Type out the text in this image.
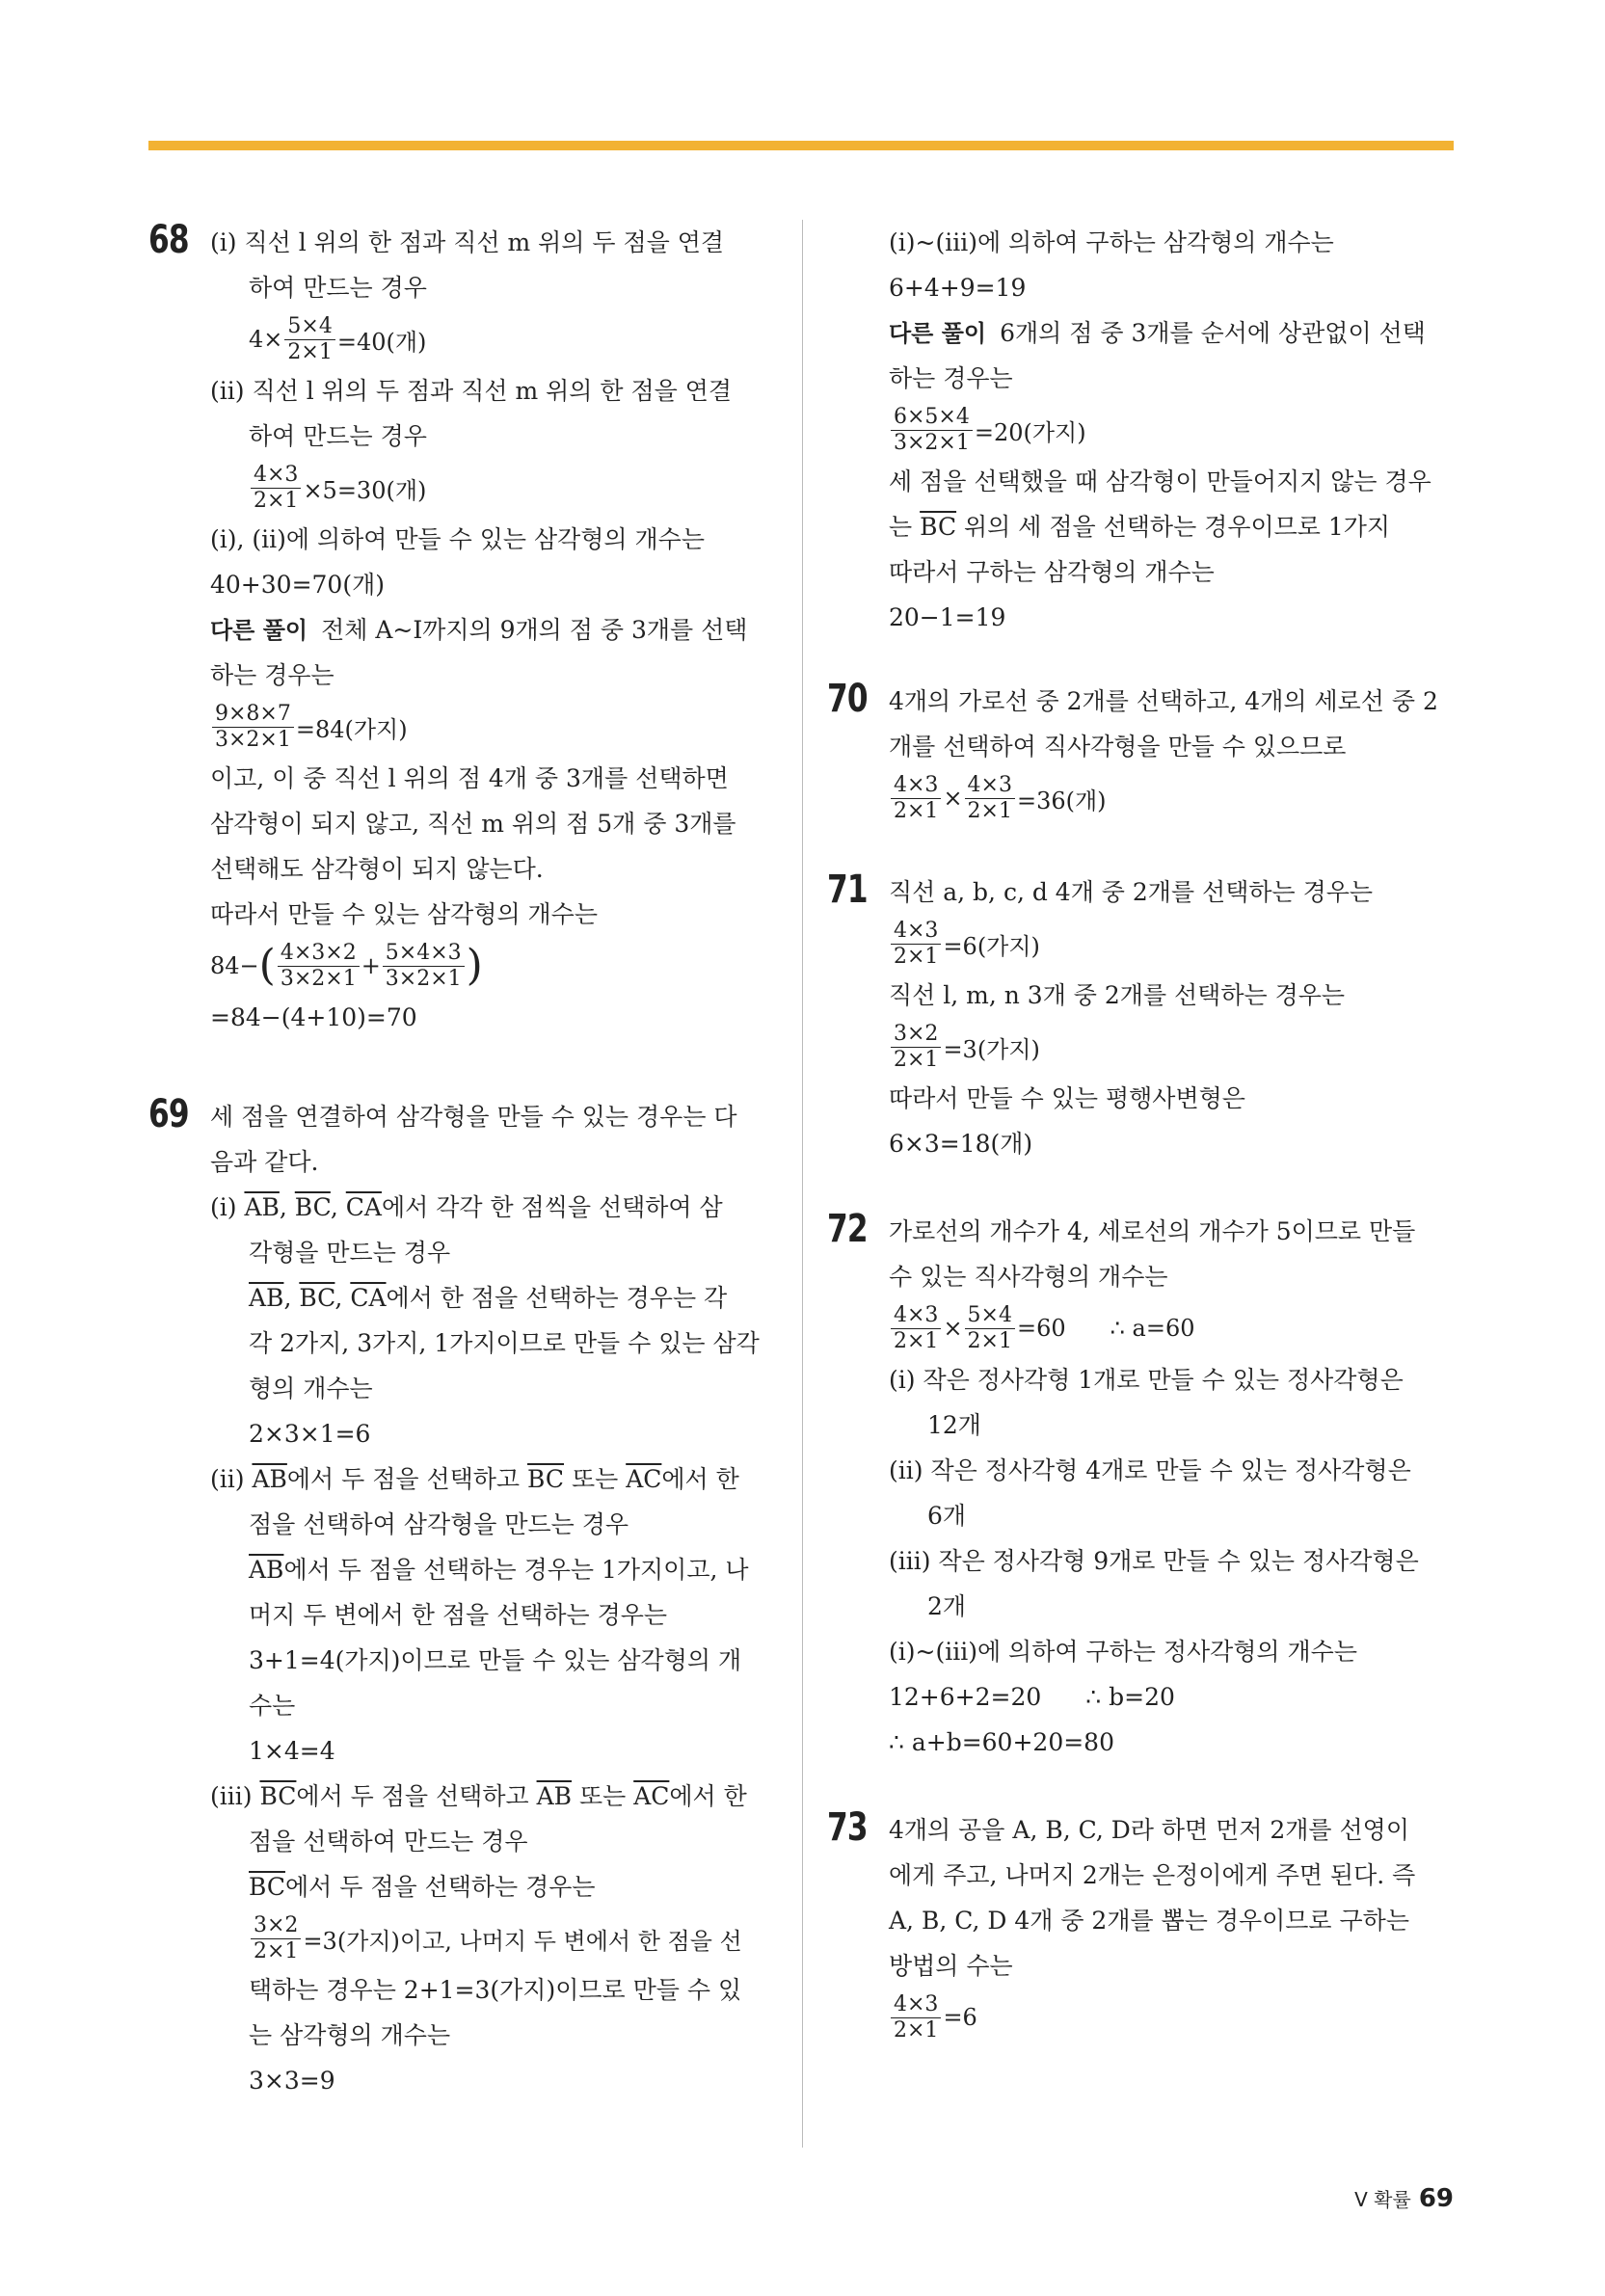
68 (ⅰ) 직선 l 위의 한 점과 직선 m 위의 두 점을 연결
하여 만드는 경우
$4\times \frac{5\times 4}{2\times 1} =40$(개)
(ⅱ) 직선 l 위의 두 점과 직선 m 위의 한 점을 연결
하여 만드는 경우
$\frac{4\times 3}{2\times 1} \times 5=30$(개)
(ⅰ), (ⅱ)에 의하여 만들 수 있는 삼각형의 개수는
40+30=70(개)
다른 풀이 전체 A~I까지의 9개의 점 중 3개를 선택
하는 경우는
$\frac{9\times 8\times 7}{3\times 2\times 1} =84$(가지)
이고, 이 중 직선 l 위의 점 4개 중 3개를 선택하면
삼각형이 되지 않고, 직선 m 위의 점 5개 중 3개를
선택해도 삼각형이 되지 않는다.
따라서 만들 수 있는 삼각형의 개수는
84− ( $\frac{4\times 3\times 2}{3\times 2\times 1} + \frac{5\times 4\times 3}{3\times 2\times 1}$ )
=84−(4+10)=70
69 세 점을 연결하여 삼각형을 만들 수 있는 경우는 다
음과 같다.
(ⅰ) $\overline{AB}$, $\overline{BC}$, $\overline{CA}$에서 각각 한 점씩을 선택하여 삼
각형을 만드는 경우
$\overline{AB}$, $\overline{BC}$, $\overline{CA}$에서 한 점을 선택하는 경우는 각
각 2가지, 3가지, 1가지이므로 만들 수 있는 삼각
형의 개수는
2×3×1=6
(ⅱ) $\overline{AB}$에서 두 점을 선택하고 $\overline{BC}$ 또는 $\overline{AC}$에서 한
점을 선택하여 삼각형을 만드는 경우
$\overline{AB}$에서 두 점을 선택하는 경우는 1가지이고, 나
머지 두 변에서 한 점을 선택하는 경우는
3+1=4(가지)이므로 만들 수 있는 삼각형의 개
수는
1×4=4
(ⅲ) $\overline{BC}$에서 두 점을 선택하고 $\overline{AB}$ 또는 $\overline{AC}$에서 한
점을 선택하여 만드는 경우
$\overline{BC}$에서 두 점을 선택하는 경우는
$\frac{3\times 2}{2\times 1} =3$(가지)이고, 나머지 두 변에서 한 점을 선
택하는 경우는 2+1=3(가지)이므로 만들 수 있
는 삼각형의 개수는
3×3=9
(ⅰ)~(ⅲ)에 의하여 구하는 삼각형의 개수는
6+4+9=19
다른 풀이 6개의 점 중 3개를 순서에 상관없이 선택
하는 경우는
$\frac{6\times 5\times 4}{3\times 2\times 1} =20$(가지)
세 점을 선택했을 때 삼각형이 만들어지지 않는 경우
는 $\overline{BC}$ 위의 세 점을 선택하는 경우이므로 1가지
따라서 구하는 삼각형의 개수는
20−1=19
70 4개의 가로선 중 2개를 선택하고, 4개의 세로선 중 2
개를 선택하여 직사각형을 만들 수 있으므로
$\frac{4\times 3}{2\times 1} \times \frac{4\times 3}{2\times 1} =36$(개)
71 직선 a, b, c, d 4개 중 2개를 선택하는 경우는
$\frac{4\times 3}{2\times 1} =6$(가지)
직선 l, m, n 3개 중 2개를 선택하는 경우는
$\frac{3\times 2}{2\times 1} =3$(가지)
따라서 만들 수 있는 평행사변형은
6×3=18(개)
72 가로선의 개수가 4, 세로선의 개수가 5이므로 만들
수 있는 직사각형의 개수는
$\frac{4\times 3}{2\times 1} \times \frac{5\times 4}{2\times 1} =60$ ∴ a=60
(ⅰ) 작은 정사각형 1개로 만들 수 있는 정사각형은
12개
(ⅱ) 작은 정사각형 4개로 만들 수 있는 정사각형은
6개
(ⅲ) 작은 정사각형 9개로 만들 수 있는 정사각형은
2개
(ⅰ)~(ⅲ)에 의하여 구하는 정사각형의 개수는
12+6+2=20 ∴ b=20
∴ a+b=60+20=80
73 4개의 공을 A, B, C, D라 하면 먼저 2개를 선영이
에게 주고, 나머지 2개는 은정이에게 주면 된다. 즉
A, B, C, D 4개 중 2개를 뽑는 경우이므로 구하는
방법의 수는
$\frac{4\times 3}{2\times 1} =6$
Ⅴ 확률 69
